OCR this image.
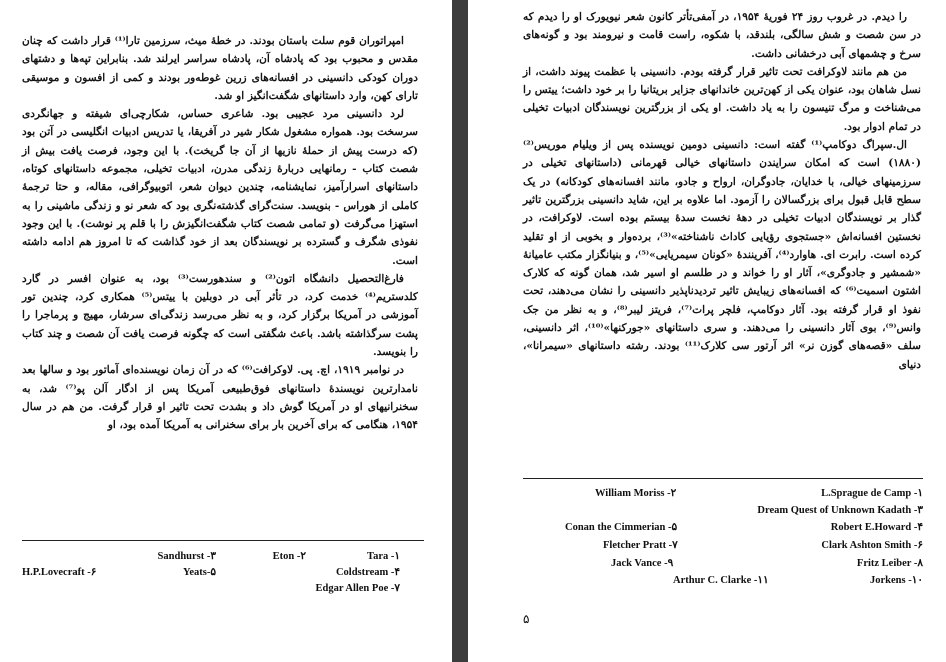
امپراتوران قوم سلت باستان بودند. در خطهٔ میث، سرزمین تارا⁽¹⁾ قرار داشت که چنان مقدس و محبوب بود که پادشاه آن، پادشاه سراسر ایرلند شد. بنابراین تپه‌ها و دشتهای دوران کودکی دانسینی در افسانه‌های زرین غوطه‌ور بودند و کمی از افسون و موسیقی تارای کهن، وارد داستانهای شگفت‌انگیز او شد.

لرد دانسینی مرد عجیبی بود. شاعری حساس، شکارچی‌ای شیفته و جهانگردی سرسخت بود. همواره مشغول شکار شیر در آفریقا، یا تدریس ادبیات انگلیسی در آتن بود (که درست پیش از حملهٔ نازیها از آن جا گریخت). با این وجود، فرصت یافت بیش از شصت کتاب - رمانهایی دربارهٔ زندگی مدرن، ادبیات تخیلی، مجموعه داستانهای کوتاه، داستانهای اسرارآمیز، نمایشنامه، چندین دیوان شعر، اتوبیوگرافی، مقاله، و حتا ترجمهٔ کاملی از هوراس - بنویسد. سنت‌گرای گذشته‌نگری بود که شعر نو و زندگی ماشینی را به استهزا می‌گرفت (و تمامی شصت کتاب شگفت‌انگیزش را با قلم پر نوشت). با این وجود نفوذی شگرف و گسترده بر نویسندگان بعد از خود گذاشت که تا امروز هم ادامه داشته است.

فارغ‌التحصیل دانشگاه اتون⁽²⁾ و سندهورست⁽³⁾ بود، به عنوان افسر در گارد کلدستریم⁽⁴⁾ خدمت کرد، در تأثر آبی در دوبلین با ییتس⁽⁵⁾ همکاری کرد، چندین تور آموزشی در آمریکا برگزار کرد، و به نظر می‌رسد زندگی‌ای سرشار، مهیج و پرماجرا را پشت سرگذاشته باشد. باعث شگفتی است که چگونه فرصت یافت آن شصت و چند کتاب را بنویسد.

در نوامبر ۱۹۱۹، اچ. پی. لاوکرافت⁽⁶⁾ که در آن زمان نویسنده‌ای آماتور بود و سالها بعد نامدارترین نویسندهٔ داستانهای فوق‌طبیعی آمریکا پس از ادگار آلن پو⁽⁷⁾ شد، به سخنرانیهای او در آمریکا گوش داد و بشدت تحت تاثیر او قرار گرفت. من هم در سال ۱۹۵۴، هنگامی که برای آخرین بار برای سخنرانی به آمریکا آمده بود، او

Tara -۱
Eton -۲
Sandhurst -۳
Coldstream -۴
Yeats-۵
H.P.Lovecraft -۶
Edgar Allen Poe -۷

را دیدم. در غروب روز ۲۴ فوریهٔ ۱۹۵۴، در آمفی‌تأتر کانون شعر نیویورک او را دیدم که در سن شصت و شش سالگی، بلندقد، با شکوه، راست قامت و نیرومند بود و گونه‌های سرخ و چشمهای آبی درخشانی داشت.

من هم مانند لاوکرافت تحت تاثیر قرار گرفته بودم. دانسینی با عظمت پیوند داشت، از نسل شاهان بود، عنوان یکی از کهن‌ترین خاندانهای جزایر بریتانیا را بر خود داشت؛ ییتس را می‌شناخت و مرگ تنیسون را به یاد داشت. او یکی از بزرگترین نویسندگان ادبیات تخیلی در تمام ادوار بود.

ال.سپراگ دوکامپ⁽¹⁾ گفته است: دانسینی دومین نویسنده پس از ویلیام موریس⁽²⁾ (۱۸۸۰) است که امکان سرایندن داستانهای خیالی قهرمانی (داستانهای تخیلی در سرزمینهای خیالی، با خدایان، جادوگران، ارواح و جادو، مانند افسانه‌های کودکانه) در یک سطح قابل قبول برای بزرگسالان را آزمود. اما علاوه بر این، شاید دانسینی بزرگترین تاثیر گذار بر نویسندگان ادبیات تخیلی در دههٔ نخست سدهٔ بیستم بوده است. لاوکرافت، در نخستین افسانه‌اش «جستجوی رؤیایی کاداث ناشناخته»⁽³⁾، برده‌وار و بخوبی از او تقلید کرده است. رابرت ای. هاوارد⁽⁴⁾، آفرینندهٔ «کونان سیمریایی»⁽⁵⁾، و بنیانگزار مکتب عامیانهٔ «شمشیر و جادوگری»، آثار او را خواند و در طلسم او اسیر شد، همان گونه که کلارک اشتون اسمیت⁽⁶⁾ که افسانه‌های زیبایش تاثیر تردیدناپذیر دانسینی را نشان می‌دهند، تحت نفوذ او قرار گرفته بود. آثار دوکامپ، فلچر پرات⁽⁷⁾، فریتز لیبر⁽⁸⁾، و به نظر من جک وانس⁽⁹⁾، بوی آثار دانسینی را می‌دهند. و سری داستانهای «جورکنها»⁽¹⁰⁾، اثر دانسینی، سلف «قصه‌های گوزن نر» اثر آرتور سی کلارک⁽¹¹⁾ بودند. رشته داستانهای «سیمرانا»، دنیای

L.Sprague de Camp -۱
William Moriss -۲
Dream Quest of Unknown Kadath -۳
Robert E.Howard -۴
Conan the Cimmerian -۵
Clark Ashton Smith -۶
Fletcher Pratt -۷
Fritz Leiber -۸
Jack Vance -۹
Jorkens -۱۰
Arthur C. Clarke -۱۱
۵
